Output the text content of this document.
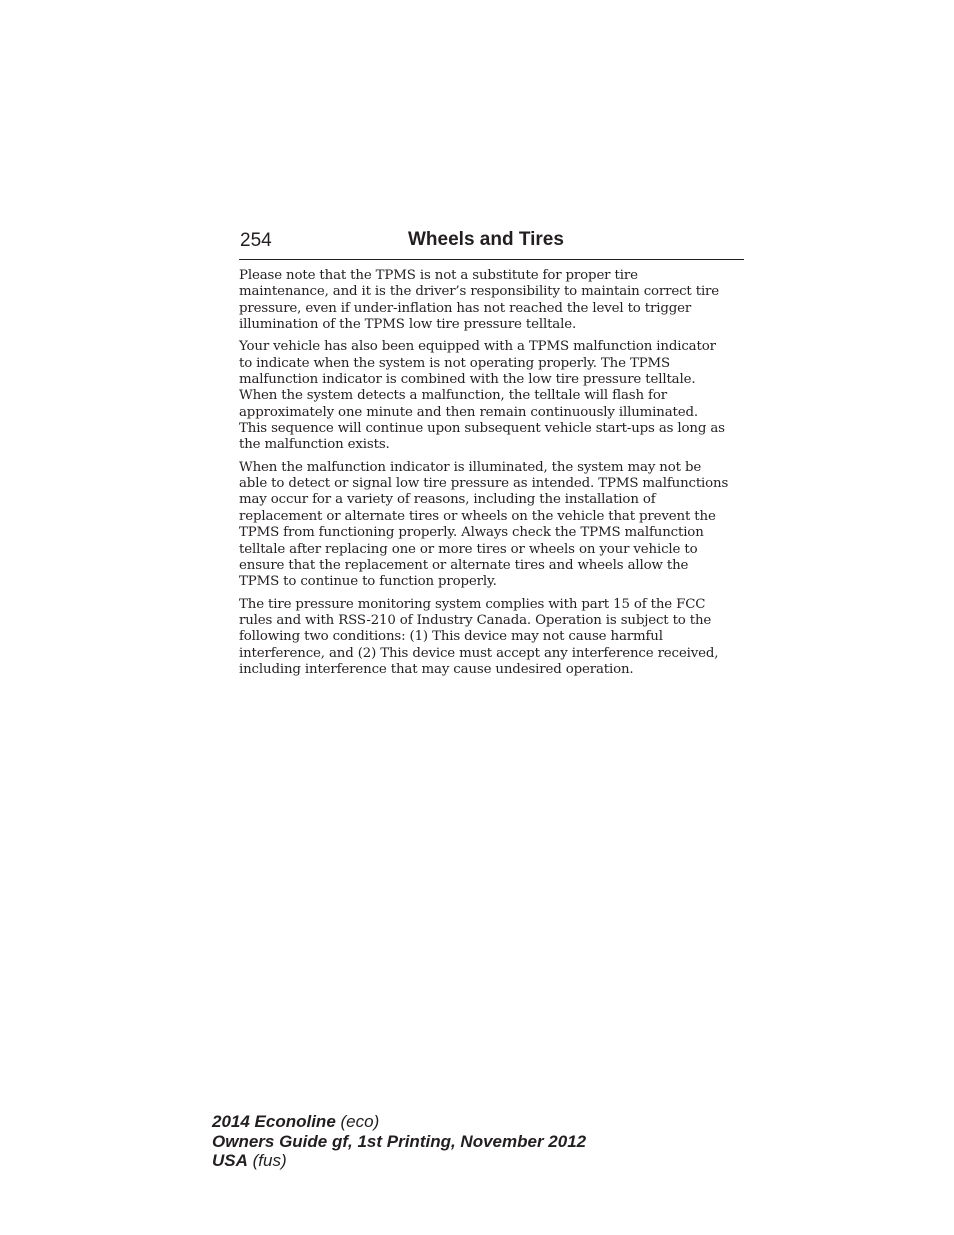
254	Wheels and Tires

Please note that the TPMS is not a substitute for proper tire
maintenance, and it is the driver’s responsibility to maintain correct tire
pressure, even if under-inflation has not reached the level to trigger
illumination of the TPMS low tire pressure telltale.

Your vehicle has also been equipped with a TPMS malfunction indicator
to indicate when the system is not operating properly. The TPMS
malfunction indicator is combined with the low tire pressure telltale.
When the system detects a malfunction, the telltale will flash for
approximately one minute and then remain continuously illuminated.
This sequence will continue upon subsequent vehicle start-ups as long as
the malfunction exists.

When the malfunction indicator is illuminated, the system may not be
able to detect or signal low tire pressure as intended. TPMS malfunctions
may occur for a variety of reasons, including the installation of
replacement or alternate tires or wheels on the vehicle that prevent the
TPMS from functioning properly. Always check the TPMS malfunction
telltale after replacing one or more tires or wheels on your vehicle to
ensure that the replacement or alternate tires and wheels allow the
TPMS to continue to function properly.

The tire pressure monitoring system complies with part 15 of the FCC
rules and with RSS-210 of Industry Canada. Operation is subject to the
following two conditions: (1) This device may not cause harmful
interference, and (2) This device must accept any interference received,
including interference that may cause undesired operation.

2014 Econoline (eco)
Owners Guide gf, 1st Printing, November 2012
USA (fus)
